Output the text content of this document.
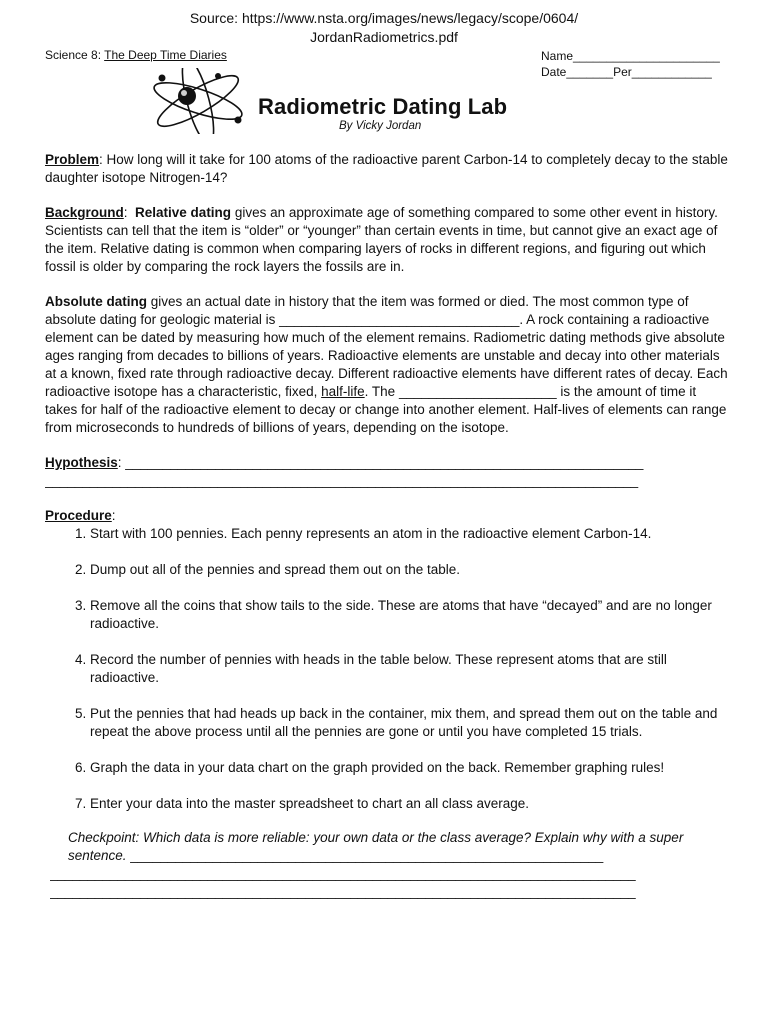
Source: https://www.nsta.org/images/news/legacy/scope/0604/
JordanRadiometrics.pdf
Science 8: The Deep Time Diaries	Name______________________
Date_______Per____________
Radiometric Dating Lab
By Vicky Jordan

Problem: How long will it take for 100 atoms of the radioactive parent Carbon-14 to completely decay to the stable daughter isotope Nitrogen-14?

Background:  Relative dating gives an approximate age of something compared to some other event in history. Scientists can tell that the item is “older” or “younger” than certain events in time, but cannot give an exact age of the item. Relative dating is common when comparing layers of rocks in different regions, and figuring out which fossil is older by comparing the rock layers the fossils are in.

Absolute dating gives an actual date in history that the item was formed or died. The most common type of absolute dating for geologic material is ________________________________. A rock containing a radioactive element can be dated by measuring how much of the element remains. Radiometric dating methods give absolute ages ranging from decades to billions of years. Radioactive elements are unstable and decay into other materials at a known, fixed rate through radioactive decay. Different radioactive elements have different rates of decay. Each radioactive isotope has a characteristic, fixed, half-life. The _____________________ is the amount of time it takes for half of the radioactive element to decay or change into another element. Half-lives of elements can range from microseconds to hundreds of billions of years, depending on the isotope.

Hypothesis: _____________________________________________________________________
_______________________________________________________________________________
Procedure:
1. Start with 100 pennies. Each penny represents an atom in the radioactive element Carbon-14.
2. Dump out all of the pennies and spread them out on the table.
3. Remove all the coins that show tails to the side. These are atoms that have “decayed” and are no longer radioactive.
4. Record the number of pennies with heads in the table below. These represent atoms that are still radioactive.
5. Put the pennies that had heads up back in the container, mix them, and spread them out on the table and repeat the above process until all the pennies are gone or until you have completed 15 trials.
6. Graph the data in your data chart on the graph provided on the back. Remember graphing rules!
7. Enter your data into the master spreadsheet to chart an all class average.
Checkpoint: Which data is more reliable: your own data or the class average? Explain why with a super sentence. _______________________________________________________________
______________________________________________________________________________
______________________________________________________________________________
